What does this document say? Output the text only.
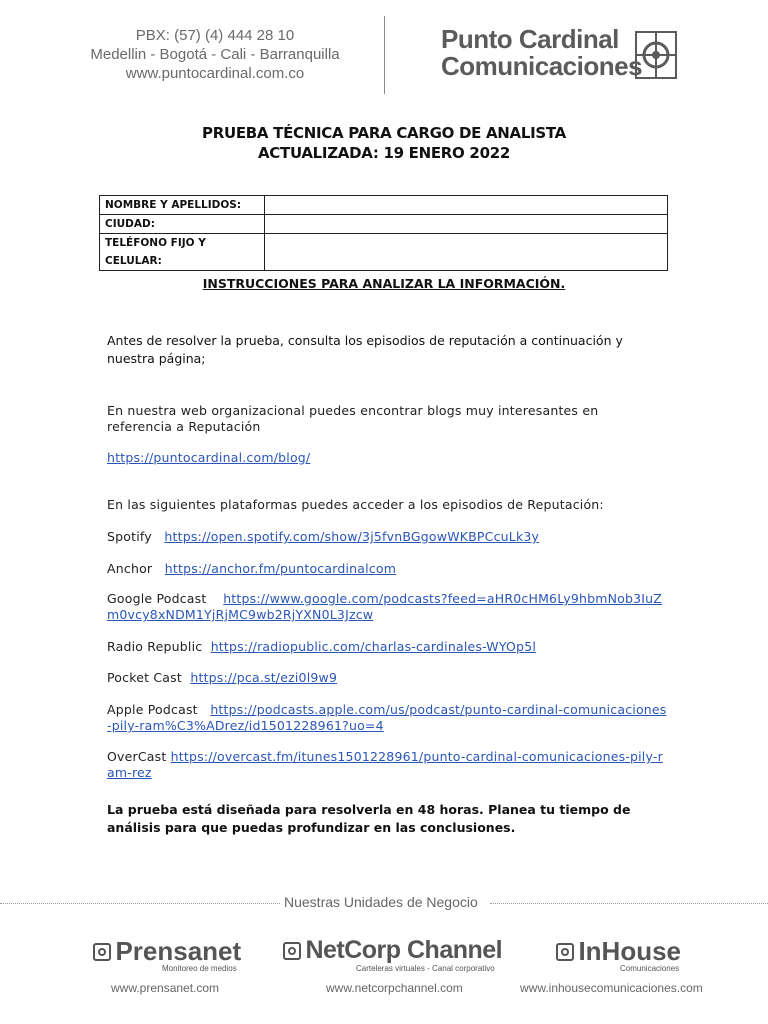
PBX: (57) (4) 444 28 10
Medellin - Bogotá - Cali - Barranquilla
www.puntocardinal.com.co
Punto Cardinal
Comunicaciones
PRUEBA TÉCNICA PARA CARGO DE ANALISTA
ACTUALIZADA: 19 ENERO 2022
NOMBRE Y APELLIDOS:	
CIUDAD:	
TELÉFONO FIJO Y CELULAR:	
INSTRUCCIONES PARA ANALIZAR LA INFORMACIÓN.
Antes de resolver la prueba, consulta los episodios de reputación a continuación y nuestra página;
En nuestra web organizacional puedes encontrar blogs muy interesantes en referencia a Reputación
https://puntocardinal.com/blog/
En las siguientes plataformas puedes acceder a los episodios de Reputación:
Spotify https://open.spotify.com/show/3j5fvnBGgowWKBPCcuLk3y
Anchor https://anchor.fm/puntocardinalcom
Google Podcast https://www.google.com/podcasts?feed=aHR0cHM6Ly9hbmNob3IuZm0vcy8xNDM1YjRjMC9wb2RjYXN0L3Jzcw
Radio Republic https://radiopublic.com/charlas-cardinales-WYOp5l
Pocket Cast https://pca.st/ezi0l9w9
Apple Podcast https://podcasts.apple.com/us/podcast/punto-cardinal-comunicaciones-pily-ram%C3%ADrez/id1501228961?uo=4
OverCast https://overcast.fm/itunes1501228961/punto-cardinal-comunicaciones-pily-ram-rez
La prueba está diseñada para resolverla en 48 horas. Planea tu tiempo de análisis para que puedas profundizar en las conclusiones.
Nuestras Unidades de Negocio
Prensanet
Monitoreo de medios
www.prensanet.com
NetCorp Channel
Carteleras virtuales - Canal corporativo
www.netcorpchannel.com
InHouse
Comunicaciones
www.inhousecomunicaciones.com
